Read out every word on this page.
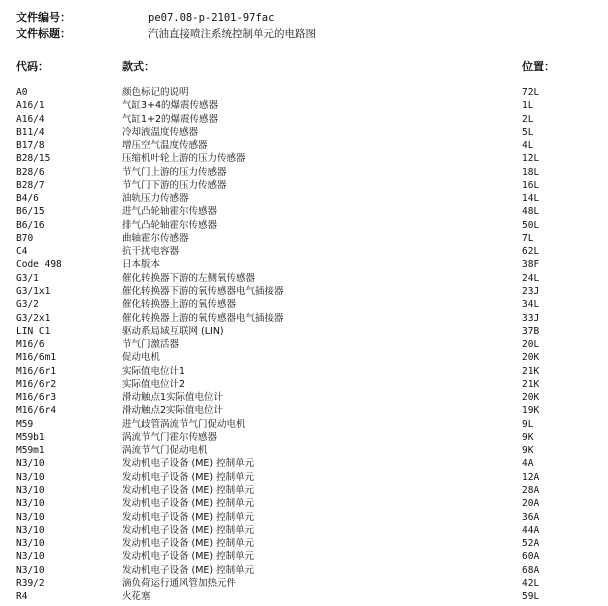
文件编号：	pe07.08-p-2101-97fac
文件标题：	汽油直接喷注系统控制单元的电路图
代码：	款式：	位置：
A0	颜色标记的说明	72L
A16/1	气缸3+4的爆震传感器	1L
A16/4	气缸1+2的爆震传感器	2L
B11/4	冷却液温度传感器	5L
B17/8	增压空气温度传感器	4L
B28/15	压缩机叶轮上游的压力传感器	12L
B28/6	节气门上游的压力传感器	18L
B28/7	节气门下游的压力传感器	16L
B4/6	油轨压力传感器	14L
B6/15	进气凸轮轴霍尔传感器	48L
B6/16	排气凸轮轴霍尔传感器	50L
B70	曲轴霍尔传感器	7L
C4	抗干扰电容器	62L
Code 498	日本版本	38F
G3/1	催化转换器下游的左侧氧传感器	24L
G3/1x1	催化转换器下游的氧传感器电气插接器	23J
G3/2	催化转换器上游的氧传感器	34L
G3/2x1	催化转换器上游的氧传感器电气插接器	33J
LIN C1	驱动系局域互联网 (LIN)	37B
M16/6	节气门激活器	20L
M16/6m1	促动电机	20K
M16/6r1	实际值电位计1	21K
M16/6r2	实际值电位计2	21K
M16/6r3	滑动触点1实际值电位计	20K
M16/6r4	滑动触点2实际值电位计	19K
M59	进气歧管涡流节气门促动电机	9L
M59b1	涡流节气门霍尔传感器	9K
M59m1	涡流节气门促动电机	9K
N3/10	发动机电子设备 (ME) 控制单元	4A
N3/10	发动机电子设备 (ME) 控制单元	12A
N3/10	发动机电子设备 (ME) 控制单元	28A
N3/10	发动机电子设备 (ME) 控制单元	20A
N3/10	发动机电子设备 (ME) 控制单元	36A
N3/10	发动机电子设备 (ME) 控制单元	44A
N3/10	发动机电子设备 (ME) 控制单元	52A
N3/10	发动机电子设备 (ME) 控制单元	60A
N3/10	发动机电子设备 (ME) 控制单元	68A
R39/2	滴负荷运行通风管加热元件	42L
R4	火花塞	59L
